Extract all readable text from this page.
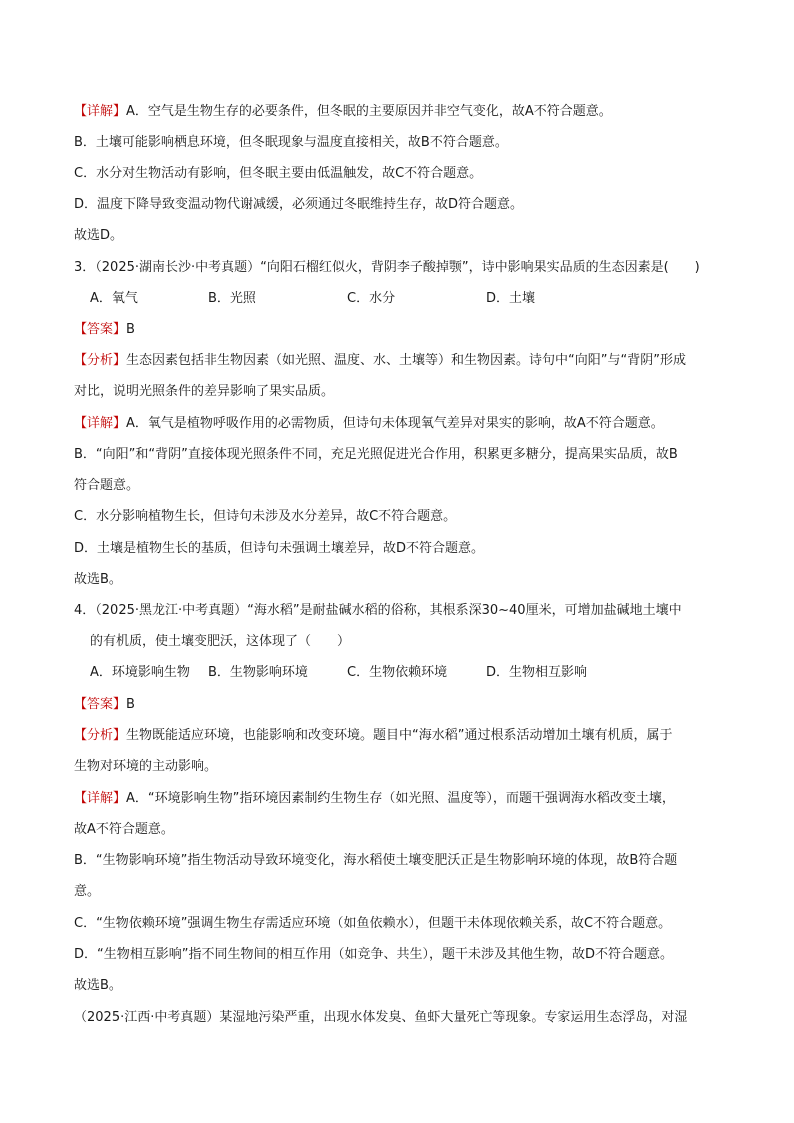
【详解】A．空气是生物生存的必要条件，但冬眠的主要原因并非空气变化，故A不符合题意。
B．土壤可能影响栖息环境，但冬眠现象与温度直接相关，故B不符合题意。
C．水分对生物活动有影响，但冬眠主要由低温触发，故C不符合题意。
D．温度下降导致变温动物代谢减缓，必须通过冬眠维持生存，故D符合题意。
故选D。
3．（2025·湖南长沙·中考真题）“向阳石榴红似火，背阴李子酸掉颚”，诗中影响果实品质的生态因素是(　　)
A．氧气	B．光照	C．水分	D．土壤
【答案】B
【分析】生态因素包括非生物因素（如光照、温度、水、土壤等）和生物因素。诗句中“向阳”与“背阴”形成
对比，说明光照条件的差异影响了果实品质。
【详解】A．氧气是植物呼吸作用的必需物质，但诗句未体现氧气差异对果实的影响，故A不符合题意。
B．“向阳”和“背阴”直接体现光照条件不同，充足光照促进光合作用，积累更多糖分，提高果实品质，故B
符合题意。
C．水分影响植物生长，但诗句未涉及水分差异，故C不符合题意。
D．土壤是植物生长的基质，但诗句未强调土壤差异，故D不符合题意。
故选B。
4．（2025·黑龙江·中考真题）“海水稻”是耐盐碱水稻的俗称，其根系深30~40厘米，可增加盐碱地土壤中
的有机质，使土壤变肥沃，这体现了（　　）
A．环境影响生物 B．生物影响环境	C．生物依赖环境	D．生物相互影响
【答案】B
【分析】生物既能适应环境，也能影响和改变环境。题目中“海水稻”通过根系活动增加土壤有机质，属于
生物对环境的主动影响。
【详解】A．“环境影响生物”指环境因素制约生物生存（如光照、温度等），而题干强调海水稻改变土壤，
故A不符合题意。
B．“生物影响环境”指生物活动导致环境变化，海水稻使土壤变肥沃正是生物影响环境的体现，故B符合题
意。
C．“生物依赖环境”强调生物生存需适应环境（如鱼依赖水），但题干未体现依赖关系，故C不符合题意。
D．“生物相互影响”指不同生物间的相互作用（如竞争、共生），题干未涉及其他生物，故D不符合题意。
故选B。
（2025·江西·中考真题）某湿地污染严重，出现水体发臭、鱼虾大量死亡等现象。专家运用生态浮岛，对湿
